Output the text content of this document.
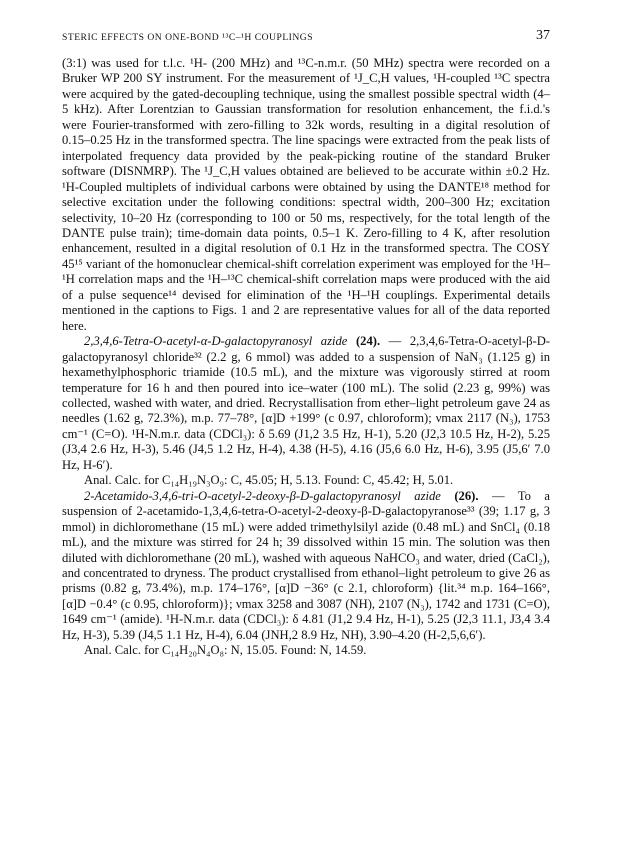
STERIC EFFECTS ON ONE-BOND ¹³C–¹H COUPLINGS	37

(3:1) was used for t.l.c. ¹H- (200 MHz) and ¹³C-n.m.r. (50 MHz) spectra were recorded on a Bruker WP 200 SY instrument. For the measurement of ¹J_C,H values, ¹H-coupled ¹³C spectra were acquired by the gated-decoupling technique, using the smallest possible spectral width (4–5 kHz). After Lorentzian to Gaussian transformation for resolution enhancement, the f.i.d.'s were Fourier-transformed with zero-filling to 32k words, resulting in a digital resolution of 0.15–0.25 Hz in the transformed spectra. The line spacings were extracted from the peak lists of interpolated frequency data provided by the peak-picking routine of the standard Bruker software (DISNMRP). The ¹J_C,H values obtained are believed to be accurate within ±0.2 Hz. ¹H-Coupled multiplets of individual carbons were obtained by using the DANTE¹⁸ method for selective excitation under the following conditions: spectral width, 200–300 Hz; excitation selectivity, 10–20 Hz (corresponding to 100 or 50 ms, respectively, for the total length of the DANTE pulse train); time-domain data points, 0.5–1 K. Zero-filling to 4 K, after resolution enhancement, resulted in a digital resolution of 0.1 Hz in the transformed spectra. The COSY 45¹⁵ variant of the homonuclear chemical-shift correlation experiment was employed for the ¹H–¹H correlation maps and the ¹H–¹³C chemical-shift correlation maps were produced with the aid of a pulse sequence¹⁴ devised for elimination of the ¹H–¹H couplings. Experimental details mentioned in the captions to Figs. 1 and 2 are representative values for all of the data reported here.

2,3,4,6-Tetra-O-acetyl-α-D-galactopyranosyl azide (24). — 2,3,4,6-Tetra-O-acetyl-β-D-galactopyranosyl chloride³² (2.2 g, 6 mmol) was added to a suspension of NaN₃ (1.125 g) in hexamethylphosphoric triamide (10.5 mL), and the mixture was vigorously stirred at room temperature for 16 h and then poured into ice–water (100 mL). The solid (2.23 g, 99%) was collected, washed with water, and dried. Recrystallisation from ether–light petroleum gave 24 as needles (1.62 g, 72.3%), m.p. 77–78°, [α]D +199° (c 0.97, chloroform); νmax 2117 (N₃), 1753 cm⁻¹ (C=O). ¹H-N.m.r. data (CDCl₃): δ 5.69 (J1,2 3.5 Hz, H-1), 5.20 (J2,3 10.5 Hz, H-2), 5.25 (J3,4 2.6 Hz, H-3), 5.46 (J4,5 1.2 Hz, H-4), 4.38 (H-5), 4.16 (J5,6 6.0 Hz, H-6), 3.95 (J5,6′ 7.0 Hz, H-6′).

Anal. Calc. for C₁₄H₁₉N₃O₉: C, 45.05; H, 5.13. Found: C, 45.42; H, 5.01.

2-Acetamido-3,4,6-tri-O-acetyl-2-deoxy-β-D-galactopyranosyl azide (26). — To a suspension of 2-acetamido-1,3,4,6-tetra-O-acetyl-2-deoxy-β-D-galactopyranose³³ (39; 1.17 g, 3 mmol) in dichloromethane (15 mL) were added trimethylsilyl azide (0.48 mL) and SnCl₄ (0.18 mL), and the mixture was stirred for 24 h; 39 dissolved within 15 min. The solution was then diluted with dichloromethane (20 mL), washed with aqueous NaHCO₃ and water, dried (CaCl₂), and concentrated to dryness. The product crystallised from ethanol–light petroleum to give 26 as prisms (0.82 g, 73.4%), m.p. 174–176°, [α]D −36° (c 2.1, chloroform) {lit.³⁴ m.p. 164–166°, [α]D −0.4° (c 0.95, chloroform)}; νmax 3258 and 3087 (NH), 2107 (N₃), 1742 and 1731 (C=O), 1649 cm⁻¹ (amide). ¹H-N.m.r. data (CDCl₃): δ 4.81 (J1,2 9.4 Hz, H-1), 5.25 (J2,3 11.1, J3,4 3.4 Hz, H-3), 5.39 (J4,5 1.1 Hz, H-4), 6.04 (JNH,2 8.9 Hz, NH), 3.90–4.20 (H-2,5,6,6′).

Anal. Calc. for C₁₄H₂₀N₄O₈: N, 15.05. Found: N, 14.59.
